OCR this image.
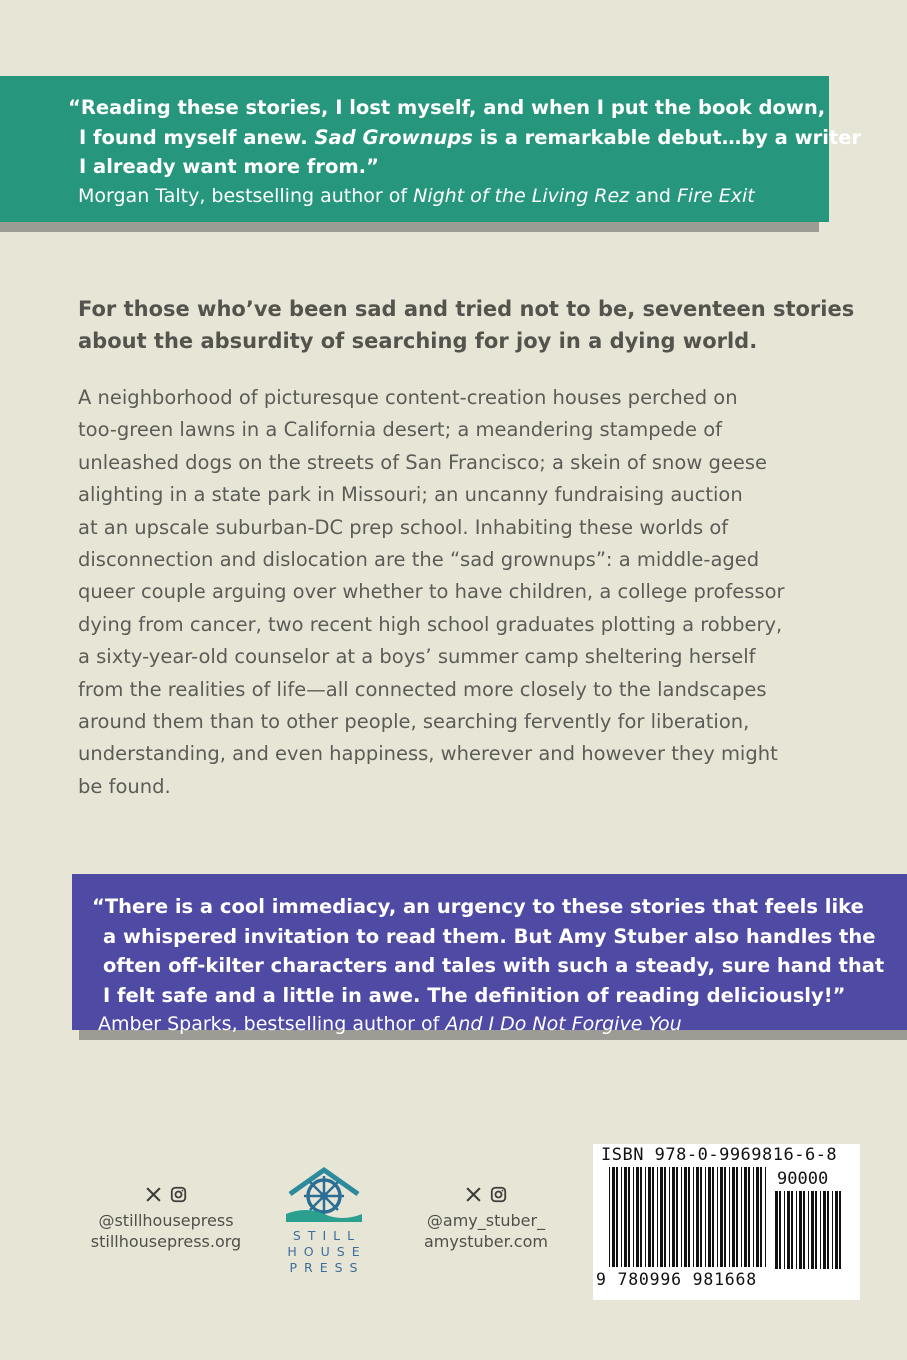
“Reading these stories, I lost myself, and when I put the book down,
I found myself anew. Sad Grownups is a remarkable debut…by a writer
I already want more from.”
Morgan Talty, bestselling author of Night of the Living Rez and Fire Exit
For those who’ve been sad and tried not to be, seventeen stories
about the absurdity of searching for joy in a dying world.
A neighborhood of picturesque content-creation houses perched on
too-green lawns in a California desert; a meandering stampede of
unleashed dogs on the streets of San Francisco; a skein of snow geese
alighting in a state park in Missouri; an uncanny fundraising auction
at an upscale suburban-DC prep school. Inhabiting these worlds of
disconnection and dislocation are the “sad grownups”: a middle-aged
queer couple arguing over whether to have children, a college professor
dying from cancer, two recent high school graduates plotting a robbery,
a sixty-year-old counselor at a boys’ summer camp sheltering herself
from the realities of life—all connected more closely to the landscapes
around them than to other people, searching fervently for liberation,
understanding, and even happiness, wherever and however they might
be found.
“There is a cool immediacy, an urgency to these stories that feels like
a whispered invitation to read them. But Amy Stuber also handles the
often off-kilter characters and tales with such a steady, sure hand that
I felt safe and a little in awe. The definition of reading deliciously!”
Amber Sparks, bestselling author of And I Do Not Forgive You
@stillhousepress
stillhousepress.org	STILL
HOUSE
PRESS
@amy_stuber_
amystuber.com
ISBN 978-0-9969816-6-8
90000
9 780996 981668
